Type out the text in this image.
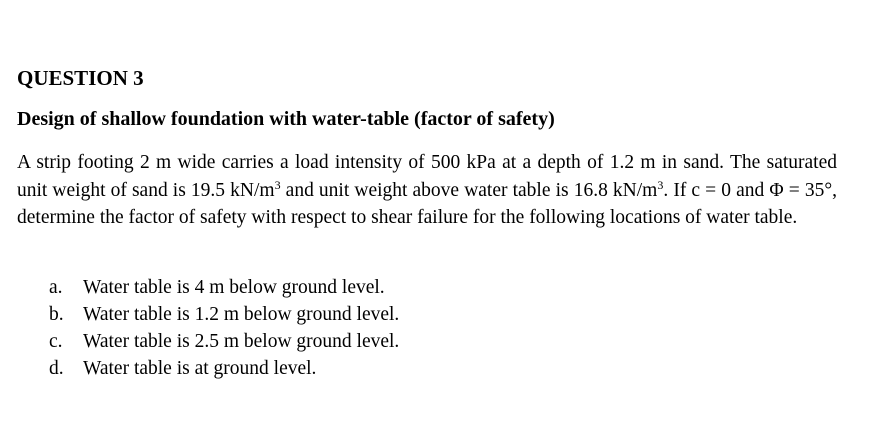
QUESTION 3
Design of shallow foundation with water-table (factor of safety)

A strip footing 2 m wide carries a load intensity of 500 kPa at a depth of 1.2 m in sand. The saturated unit weight of sand is 19.5 $kN/m^3$ and unit weight above water table is 16.8 $kN/m^3$. If c = 0 and Φ = 35°, determine the factor of safety with respect to shear failure for the following locations of water table.

a.	Water table is 4 m below ground level.
b. Water table is 1.2 m below ground level.
c.	Water table is 2.5 m below ground level.
d. Water table is at ground level.
